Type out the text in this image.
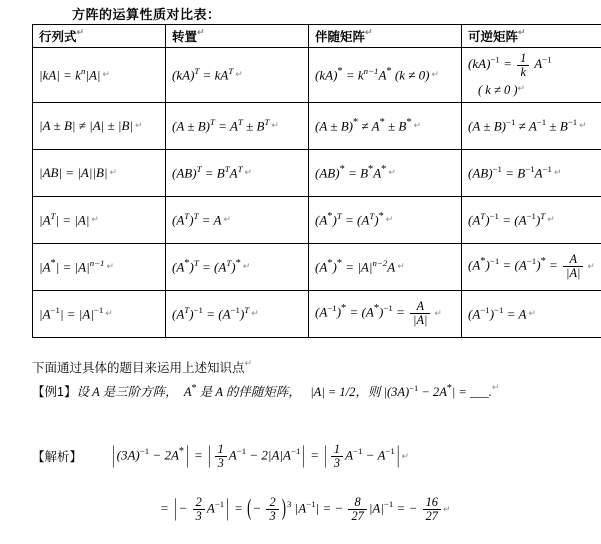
方阵的运算性质对比表：
行列式↵	转置↵	伴随矩阵↵	可逆矩阵↵

$|kA| = k^n|A|$ ↵	$(kA)^T = kA^T$ ↵	$(kA)^* = k^{n-1}A^*$ (k ≠ 0) ↵	$(kA)^{-1} = \frac{1}{k} A^{-1}$
( k ≠ 0 )↵

|A ± B| ≠ |A| ± |B| ↵	$(A \pm B)^T = A^T \pm B^T$ ↵	(A ± B)* ≠ A* ± B* ↵	$(A \pm B)^{-1} \ne A^{-1} \pm B^{-1}$ ↵

|AB| = |A||B| ↵	$(AB)^T = B^TA^T$ ↵	(AB)* = B*A* ↵	$(AB)^{-1} = B^{-1}A^{-1}$ ↵

$|A^T| = |A|$ ↵	$(A^T)^T = A$ ↵	$(A^*)^T = (A^T)^*$ ↵	$(A^T)^{-1} = (A^{-1})^T$ ↵

$|A^*| = |A|^{n-1}$ ↵	$(A^*)^T = (A^T)^*$ ↵	$(A^*)^* = |A|^{n-2}A$ ↵	$(A^*)^{-1} = (A^{-1})^* = \frac{A}{|A|}$ ↵

$|A^{-1}| = |A|^{-1}$ ↵	$(A^T)^{-1} = (A^{-1})^T$ ↵	$(A^{-1})^* = (A^*)^{-1} = \frac{A}{|A|}$ ↵	$(A^{-1})^{-1} = A$ ↵
下面通过具体的题目来运用上述知识点↵
【例1】设 A 是三阶方阵，  A* 是 A 的伴随矩阵，   |A| = 1/2，则 $|(3A)^{-1} - 2A^*|$ = ___.↵
【解析】 | $(3A)^{-1} - 2A^*$ | = | $\frac{1}{3} A^{-1} - 2|A|A^{-1}$ | = | $\frac{1}{3} A^{-1} - A^{-1}$ | ↵
= | − $\frac{2}{3} A^{-1}$ | = (− $\frac{2}{3} )^3$ $|A^{-1}|$ = − $\frac{8}{27} |A|^{-1}$ = − $\frac{16}{27}$ ↵
